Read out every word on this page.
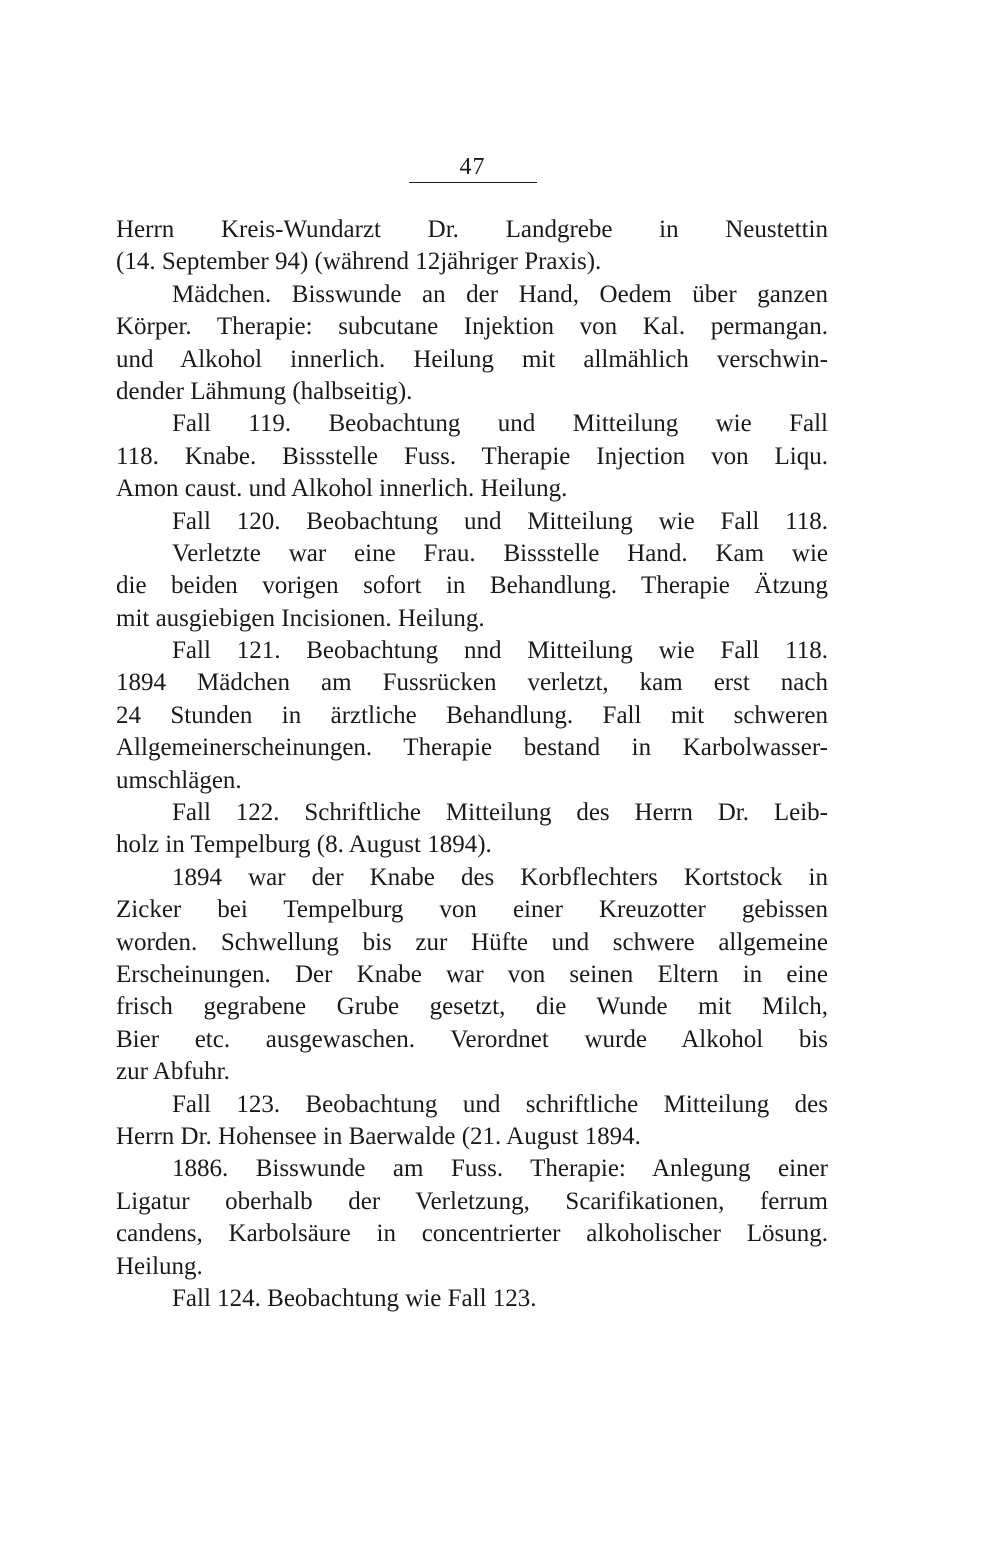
47
Herrn Kreis-Wundarzt Dr. Landgrebe in Neustettin
(14. September 94) (während 12jähriger Praxis).
Mädchen. Bisswunde an der Hand, Oedem über ganzen
Körper. Therapie: subcutane Injektion von Kal. permangan.
und Alkohol innerlich. Heilung mit allmählich verschwin-
dender Lähmung (halbseitig).
Fall 119. Beobachtung und Mitteilung wie Fall
118. Knabe. Bissstelle Fuss. Therapie Injection von Liqu.
Amon caust. und Alkohol innerlich. Heilung.
Fall 120. Beobachtung und Mitteilung wie Fall 118.
Verletzte war eine Frau. Bissstelle Hand. Kam wie
die beiden vorigen sofort in Behandlung. Therapie Ätzung
mit ausgiebigen Incisionen. Heilung.
Fall 121. Beobachtung nnd Mitteilung wie Fall 118.
1894 Mädchen am Fussrücken verletzt, kam erst nach
24 Stunden in ärztliche Behandlung. Fall mit schweren
Allgemeinerscheinungen. Therapie bestand in Karbolwasser-
umschlägen.
Fall 122. Schriftliche Mitteilung des Herrn Dr. Leib-
holz in Tempelburg (8. August 1894).
1894 war der Knabe des Korbflechters Kortstock in
Zicker bei Tempelburg von einer Kreuzotter gebissen
worden. Schwellung bis zur Hüfte und schwere allgemeine
Erscheinungen. Der Knabe war von seinen Eltern in eine
frisch gegrabene Grube gesetzt, die Wunde mit Milch,
Bier etc. ausgewaschen. Verordnet wurde Alkohol bis
zur Abfuhr.
Fall 123. Beobachtung und schriftliche Mitteilung des
Herrn Dr. Hohensee in Baerwalde (21. August 1894.
1886. Bisswunde am Fuss. Therapie: Anlegung einer
Ligatur oberhalb der Verletzung, Scarifikationen, ferrum
candens, Karbolsäure in concentrierter alkoholischer Lösung.
Heilung.
Fall 124. Beobachtung wie Fall 123.
